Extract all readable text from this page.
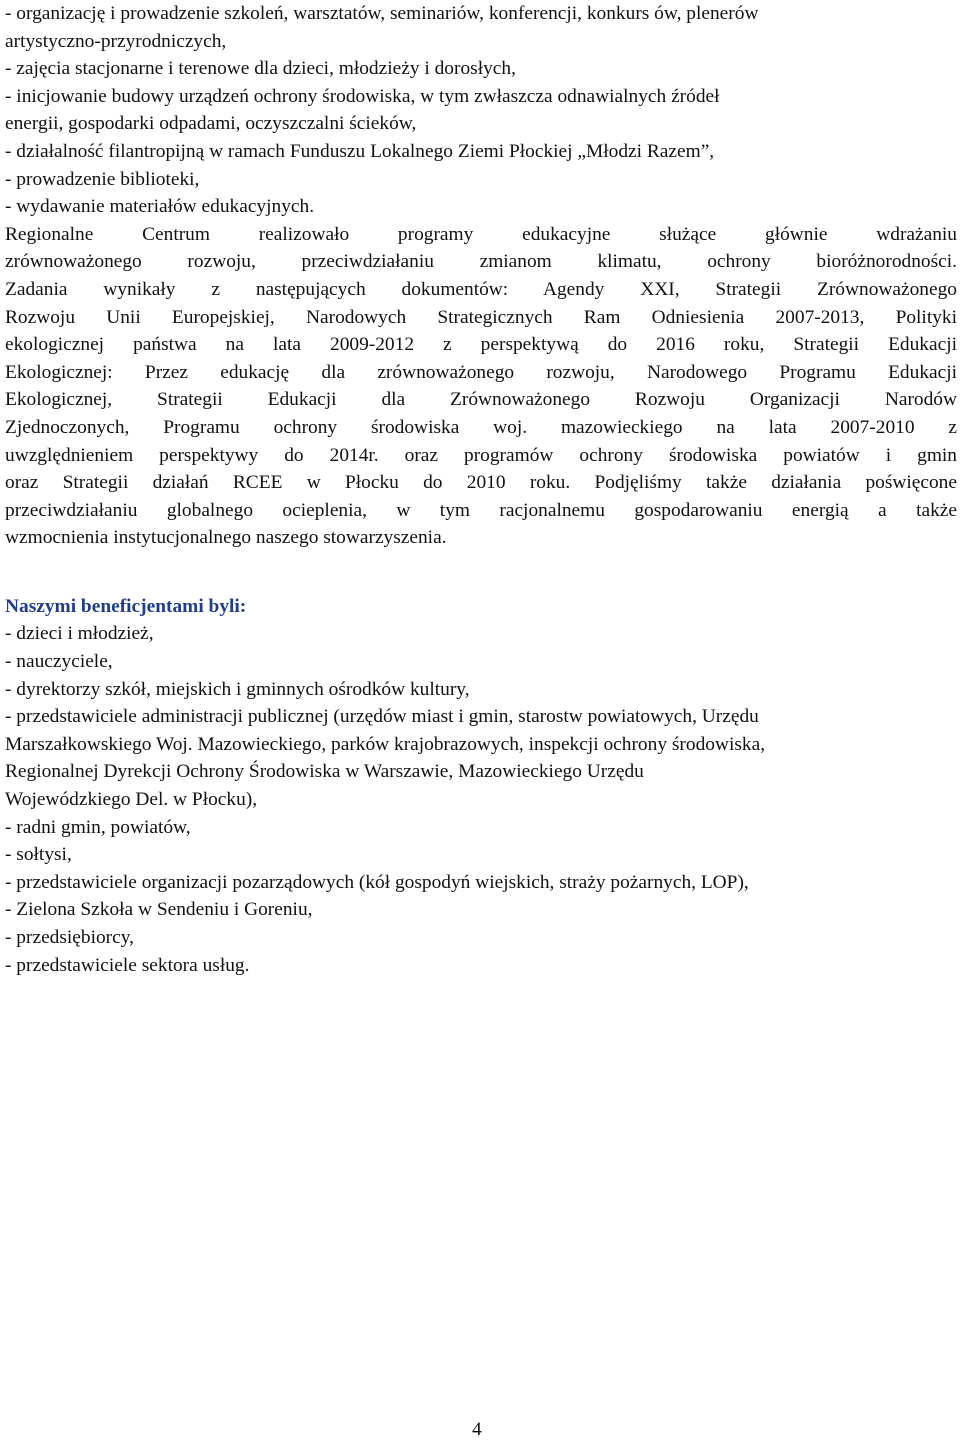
- organizację i prowadzenie szkoleń, warsztatów, seminariów, konferencji, konkurs ów, plenerów
artystyczno-przyrodniczych,
- zajęcia stacjonarne i terenowe dla dzieci, młodzieży i dorosłych,
- inicjowanie budowy urządzeń ochrony środowiska, w tym zwłaszcza odnawialnych źródeł
energii, gospodarki odpadami, oczyszczalni ścieków,
- działalność filantropijną w ramach Funduszu Lokalnego Ziemi Płockiej „Młodzi Razem”,
- prowadzenie biblioteki,
- wydawanie materiałów edukacyjnych.
Regionalne Centrum realizowało programy edukacyjne służące głównie wdrażaniu
zrównoważonego rozwoju, przeciwdziałaniu zmianom klimatu, ochrony bioróżnorodności.
Zadania wynikały z następujących dokumentów: Agendy XXI, Strategii Zrównoważonego
Rozwoju Unii Europejskiej, Narodowych Strategicznych Ram Odniesienia 2007-2013, Polityki
ekologicznej państwa na lata 2009-2012 z perspektywą do 2016 roku, Strategii Edukacji
Ekologicznej: Przez edukację dla zrównoważonego rozwoju, Narodowego Programu Edukacji
Ekologicznej, Strategii Edukacji dla Zrównoważonego Rozwoju Organizacji Narodów
Zjednoczonych, Programu ochrony środowiska woj. mazowieckiego na lata 2007-2010 z
uwzględnieniem perspektywy do 2014r. oraz programów ochrony środowiska powiatów i gmin
oraz Strategii działań RCEE w Płocku do 2010 roku. Podjęliśmy także działania poświęcone
przeciwdziałaniu globalnego ocieplenia, w tym racjonalnemu gospodarowaniu energią a także
wzmocnienia instytucjonalnego naszego stowarzyszenia.
Naszymi beneficjentami byli:
- dzieci i młodzież,
- nauczyciele,
- dyrektorzy szkół, miejskich i gminnych ośrodków kultury,
- przedstawiciele administracji publicznej (urzędów miast i gmin, starostw powiatowych, Urzędu
Marszałkowskiego Woj. Mazowieckiego, parków krajobrazowych, inspekcji ochrony środowiska,
Regionalnej Dyrekcji Ochrony Środowiska w Warszawie, Mazowieckiego Urzędu
Wojewódzkiego Del. w Płocku),
- radni gmin, powiatów,
- sołtysi,
- przedstawiciele organizacji pozarządowych (kół gospodyń wiejskich, straży pożarnych, LOP),
- Zielona Szkoła w Sendeniu i Goreniu,
- przedsiębiorcy,
- przedstawiciele sektora usług.
4
